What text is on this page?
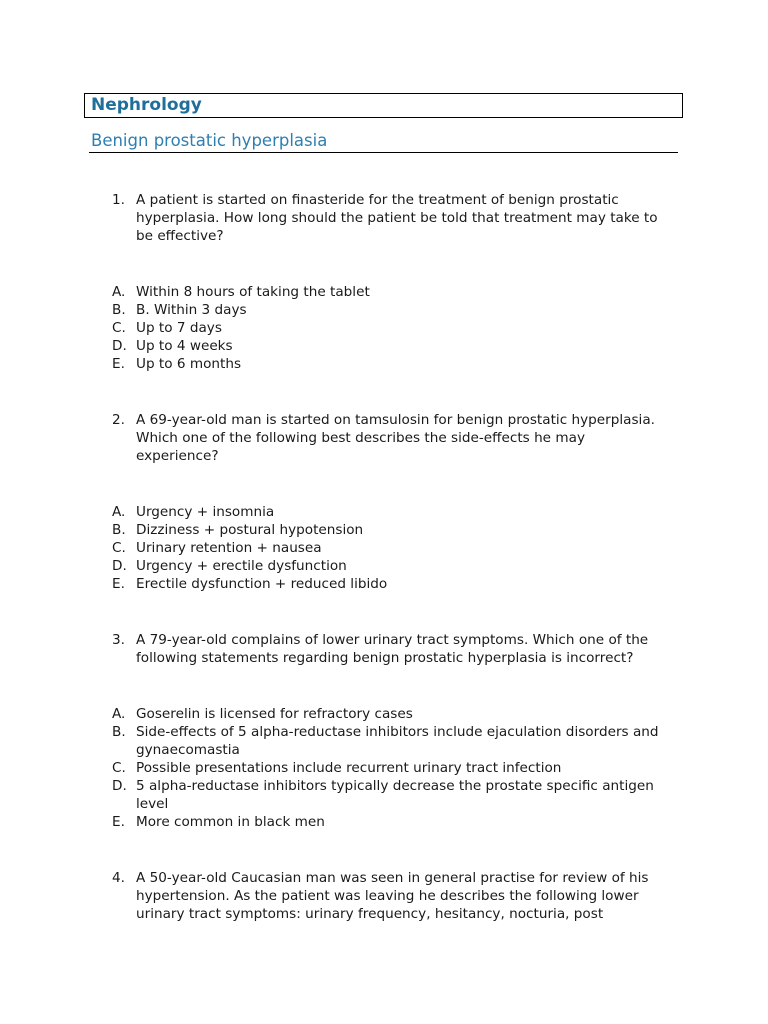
Nephrology
Benign prostatic hyperplasia
1. A patient is started on finasteride for the treatment of benign prostatic hyperplasia. How long should the patient be told that treatment may take to be effective?
A. Within 8 hours of taking the tablet
B. B. Within 3 days
C. Up to 7 days
D. Up to 4 weeks
E. Up to 6 months
2. A 69-year-old man is started on tamsulosin for benign prostatic hyperplasia. Which one of the following best describes the side-effects he may experience?
A. Urgency + insomnia
B. Dizziness + postural hypotension
C. Urinary retention + nausea
D. Urgency + erectile dysfunction
E. Erectile dysfunction + reduced libido
3. A 79-year-old complains of lower urinary tract symptoms. Which one of the following statements regarding benign prostatic hyperplasia is incorrect?
A. Goserelin is licensed for refractory cases
B. Side-effects of 5 alpha-reductase inhibitors include ejaculation disorders and gynaecomastia
C. Possible presentations include recurrent urinary tract infection
D. 5 alpha-reductase inhibitors typically decrease the prostate specific antigen level
E. More common in black men
4. A 50-year-old Caucasian man was seen in general practise for review of his hypertension. As the patient was leaving he describes the following lower urinary tract symptoms: urinary frequency, hesitancy, nocturia, post
